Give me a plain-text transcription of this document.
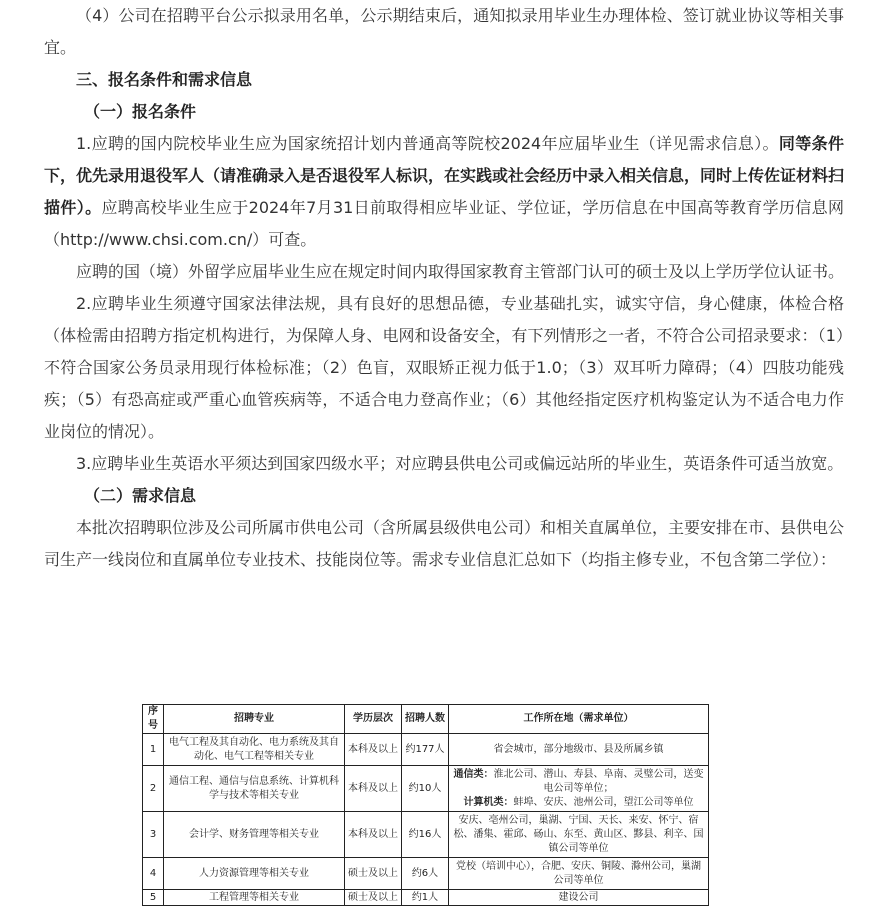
（4）公司在招聘平台公示拟录用名单，公示期结束后，通知拟录用毕业生办理体检、签订就业协议等相关事宜。

三、报名条件和需求信息

（一）报名条件

1.应聘的国内院校毕业生应为国家统招计划内普通高等院校2024年应届毕业生（详见需求信息）。同等条件下，优先录用退役军人（请准确录入是否退役军人标识，在实践或社会经历中录入相关信息，同时上传佐证材料扫描件）。应聘高校毕业生应于2024年7月31日前取得相应毕业证、学位证，学历信息在中国高等教育学历信息网（http://www.chsi.com.cn/）可查。

应聘的国（境）外留学应届毕业生应在规定时间内取得国家教育主管部门认可的硕士及以上学历学位认证书。

2.应聘毕业生须遵守国家法律法规，具有良好的思想品德，专业基础扎实，诚实守信，身心健康，体检合格（体检需由招聘方指定机构进行，为保障人身、电网和设备安全，有下列情形之一者，不符合公司招录要求：（1）不符合国家公务员录用现行体检标准；（2）色盲，双眼矫正视力低于1.0；（3）双耳听力障碍；（4）四肢功能残疾；（5）有恐高症或严重心血管疾病等，不适合电力登高作业；（6）其他经指定医疗机构鉴定认为不适合电力作业岗位的情况）。

3.应聘毕业生英语水平须达到国家四级水平；对应聘县供电公司或偏远站所的毕业生，英语条件可适当放宽。

（二）需求信息

本批次招聘职位涉及公司所属市供电公司（含所属县级供电公司）和相关直属单位，主要安排在市、县供电公司生产一线岗位和直属单位专业技术、技能岗位等。需求专业信息汇总如下（均指主修专业，不包含第二学位）：

序号	招聘专业	学历层次	招聘人数	工作所在地（需求单位）
1	电气工程及其自动化、电力系统及其自动化、电气工程等相关专业	本科及以上	约177人	省会城市，部分地级市、县及所属乡镇
2	通信工程、通信与信息系统、计算机科学与技术等相关专业	本科及以上	约10人	通信类：淮北公司、潜山、寿县、阜南、灵璧公司，送变电公司等单位；
计算机类：蚌埠、安庆、池州公司，望江公司等单位
3	会计学、财务管理等相关专业	本科及以上	约16人	安庆、亳州公司，巢湖、宁国、天长、来安、怀宁、宿松、潘集、霍邱、砀山、东至、黄山区、黟县、利辛、国镇公司等单位
4	人力资源管理等相关专业	硕士及以上	约6人	党校（培训中心），合肥、安庆、铜陵、滁州公司，巢湖公司等单位
5	工程管理等相关专业	硕士及以上	约1人	建设公司
